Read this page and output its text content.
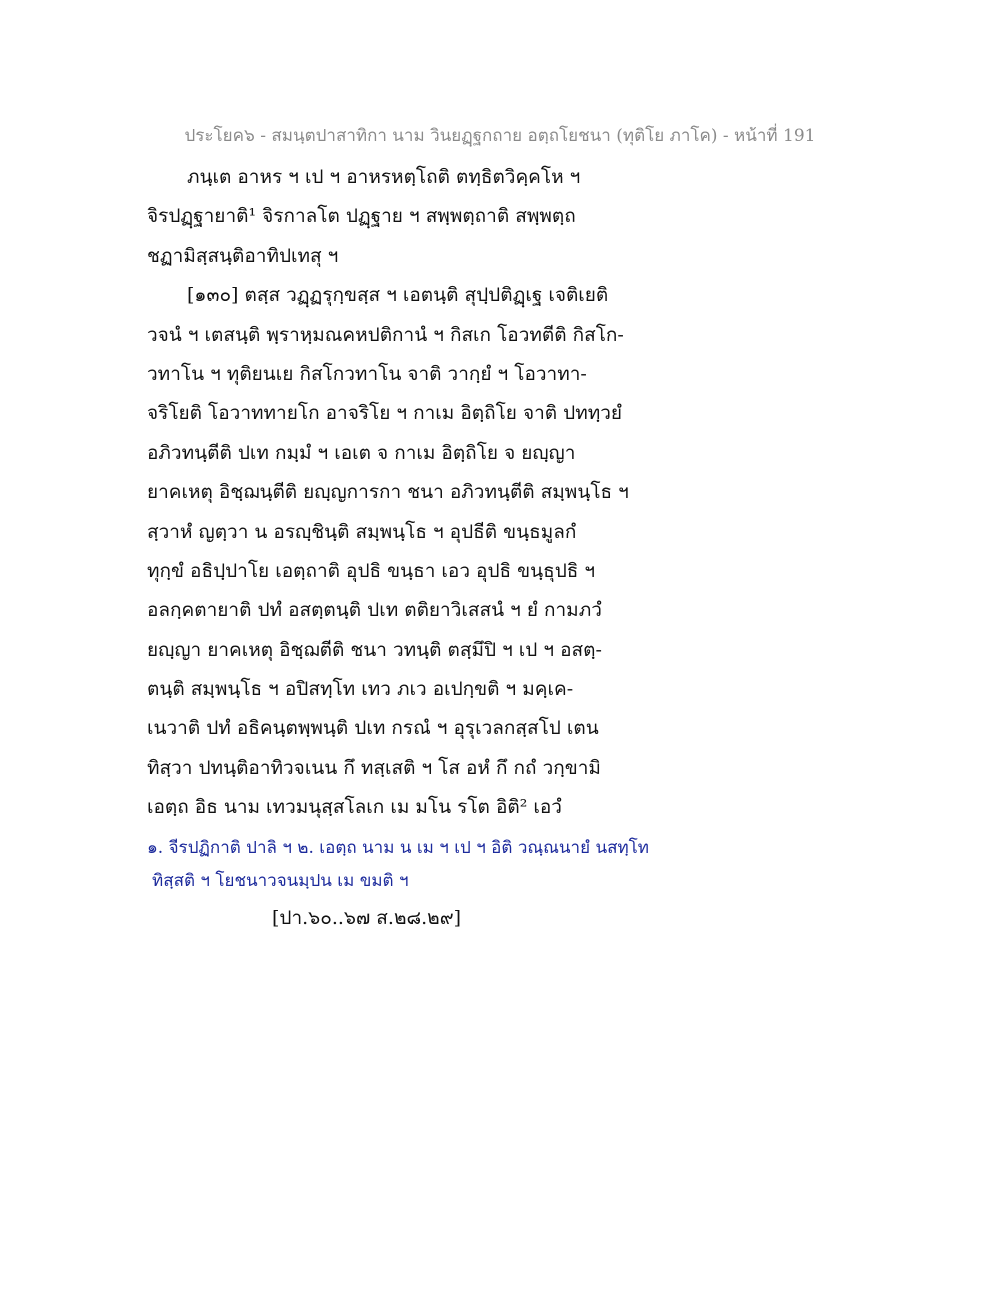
ประโยค๖ - สมนฺตปาสาทิกา นาม วินยฏฺฐกถาย อตฺถโยชนา (ทุติโย ภาโค) - หน้าที่ 191
ภนฺเต อาหร ฯ เป ฯ อาหรหตฺโถติ ตทฺธิตวิคฺคโห ฯ
จิรปฏฺฐายาติ¹ จิรกาลโต ปฏฺฐาย ฯ สพฺพตฺถาติ สพฺพตฺถ
ชฏามิสฺสนฺติอาทิปเทสุ ฯ
[๑๓๐] ตสฺส วฏฺฏรุกฺขสฺส ฯ เอตนฺติ สุปฺปติฏฺเฐ เจติเยติ
วจนํ ฯ เตสนฺติ พฺราหฺมณคหปติกานํ ฯ กิสเก โอวทตีติ กิสโก-
วทาโน ฯ ทุติยนเย กิสโกวทาโน จาติ วากฺยํ ฯ โอวาทา-
จริโยติ โอวาททายโก อาจริโย ฯ กาเม อิตฺถิโย จาติ ปททฺวยํ
อภิวทนฺตีติ ปเท กมฺมํ ฯ เอเต จ กาเม อิตฺถิโย จ ยญฺญา
ยาคเหตุ อิชฺฌนฺตีติ ยญฺญการกา ชนา อภิวทนฺตีติ สมฺพนฺโธ ฯ
สฺวาหํ ญตฺวา น อรญฺชินฺติ สมฺพนฺโธ ฯ อุปธีติ ขนฺธมูลกํ
ทุกฺขํ อธิปฺปาโย เอตฺถาติ อุปธิ ขนฺธา เอว อุปธิ ขนฺธุปธิ ฯ
อลกฺคตายาติ ปทํ อสตฺตนฺติ ปเท ตติยาวิเสสนํ ฯ ยํ กามภวํ
ยญฺญา ยาคเหตุ อิชฺฌตีติ ชนา วทนฺติ ตสฺมึปิ ฯ เป ฯ อสตฺ-
ตนฺติ สมฺพนฺโธ ฯ อปิสทฺโท เทว ภเว อเปกฺขติ ฯ มคฺเค-
เนวาติ ปทํ อธิคนฺตพฺพนฺติ ปเท กรณํ ฯ อุรุเวลกสฺสโป เตน
ทิสฺวา ปทนฺติอาทิวจเนน กึ ทสฺเสติ ฯ โส อหํ กึ กถํ วกฺขามิ
เอตฺถ อิธ นาม เทวมนุสฺสโลเก เม มโน รโต อิติ² เอวํ
๑. จีรปฏิกาติ ปาลิ ฯ ๒. เอตฺถ นาม น เม ฯ เป ฯ อิติ วณฺณนายํ นสทฺโท
ทิสฺสติ ฯ โยชนาวจนมฺปน เม ขมติ ฯ
[ปา.๖๐..๖๗ ส.๒๘.๒๙]
